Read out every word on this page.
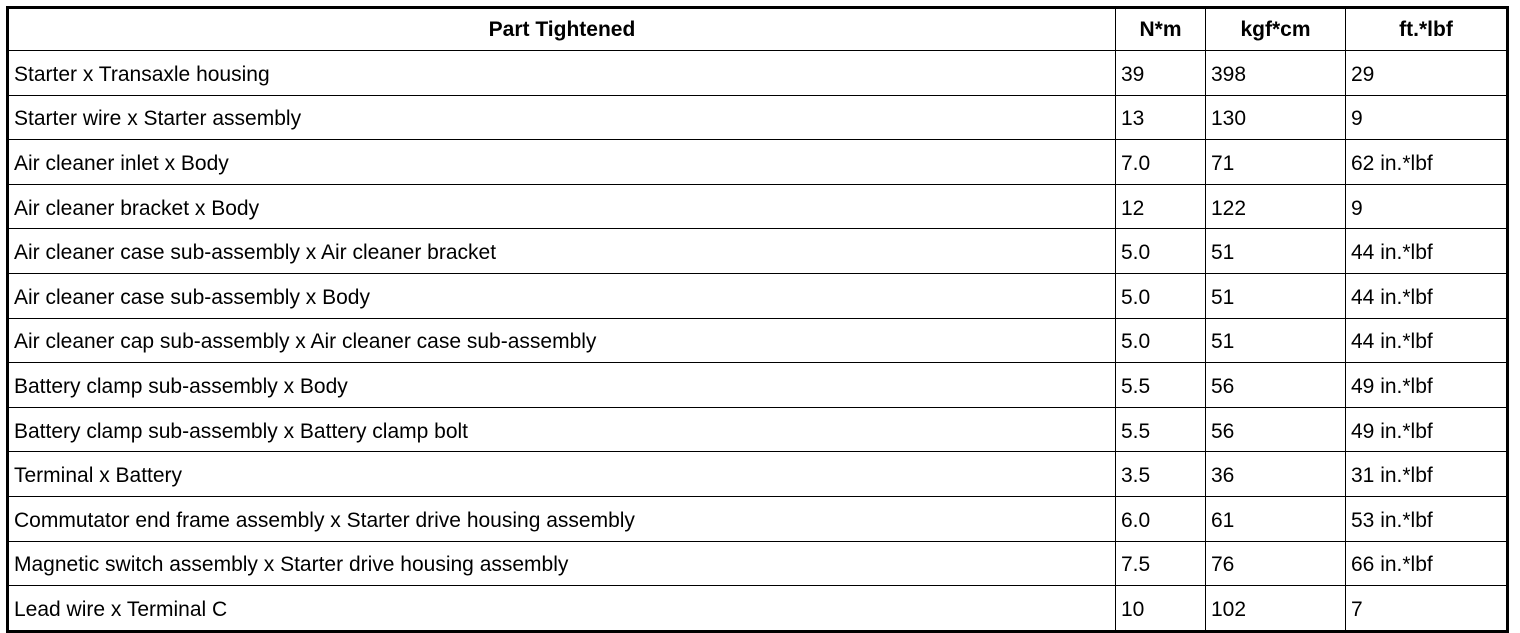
Part Tightened	N*m	kgf*cm	ft.*lbf
Starter x Transaxle housing	39	398	29
Starter wire x Starter assembly	13	130	9
Air cleaner inlet x Body	7.0	71	62 in.*lbf
Air cleaner bracket x Body	12	122	9
Air cleaner case sub-assembly x Air cleaner bracket	5.0	51	44 in.*lbf
Air cleaner case sub-assembly x Body	5.0	51	44 in.*lbf
Air cleaner cap sub-assembly x Air cleaner case sub-assembly	5.0	51	44 in.*lbf
Battery clamp sub-assembly x Body	5.5	56	49 in.*lbf
Battery clamp sub-assembly x Battery clamp bolt	5.5	56	49 in.*lbf
Terminal x Battery	3.5	36	31 in.*lbf
Commutator end frame assembly x Starter drive housing assembly	6.0	61	53 in.*lbf
Magnetic switch assembly x Starter drive housing assembly	7.5	76	66 in.*lbf
Lead wire x Terminal C	10	102	7
